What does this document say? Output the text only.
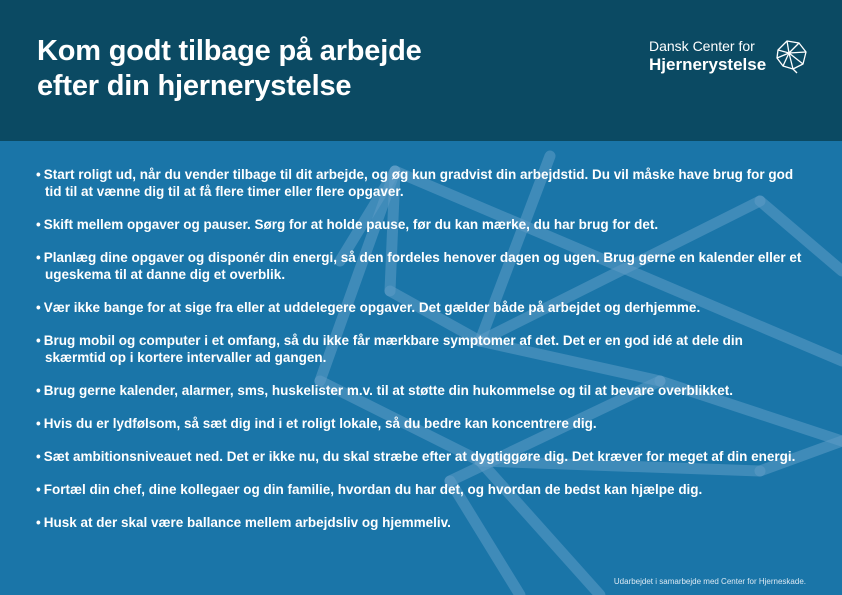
Kom godt tilbage på arbejde
efter din hjernerystelse
Dansk Center for
Hjernerystelse
• Start roligt ud, når du vender tilbage til dit arbejde, og øg kun gradvist din arbejdstid. Du vil måske have brug for god tid til at vænne dig til at få flere timer eller flere opgaver.
• Skift mellem opgaver og pauser. Sørg for at holde pause, før du kan mærke, du har brug for det.
• Planlæg dine opgaver og disponér din energi, så den fordeles henover dagen og ugen. Brug gerne en kalender eller et ugeskema til at danne dig et overblik.
• Vær ikke bange for at sige fra eller at uddelegere opgaver. Det gælder både på arbejdet og derhjemme.
• Brug mobil og computer i et omfang, så du ikke får mærkbare symptomer af det. Det er en god idé at dele din skærmtid op i kortere intervaller ad gangen.
• Brug gerne kalender, alarmer, sms, huskelister m.v. til at støtte din hukommelse og til at bevare overblikket.
• Hvis du er lydfølsom, så sæt dig ind i et roligt lokale, så du bedre kan koncentrere dig.
• Sæt ambitionsniveauet ned. Det er ikke nu, du skal stræbe efter at dygtiggøre dig. Det kræver for meget af din energi.
• Fortæl din chef, dine kollegaer og din familie, hvordan du har det, og hvordan de bedst kan hjælpe dig.
• Husk at der skal være ballance mellem arbejdsliv og hjemmeliv.
Udarbejdet i samarbejde med Center for Hjerneskade.
